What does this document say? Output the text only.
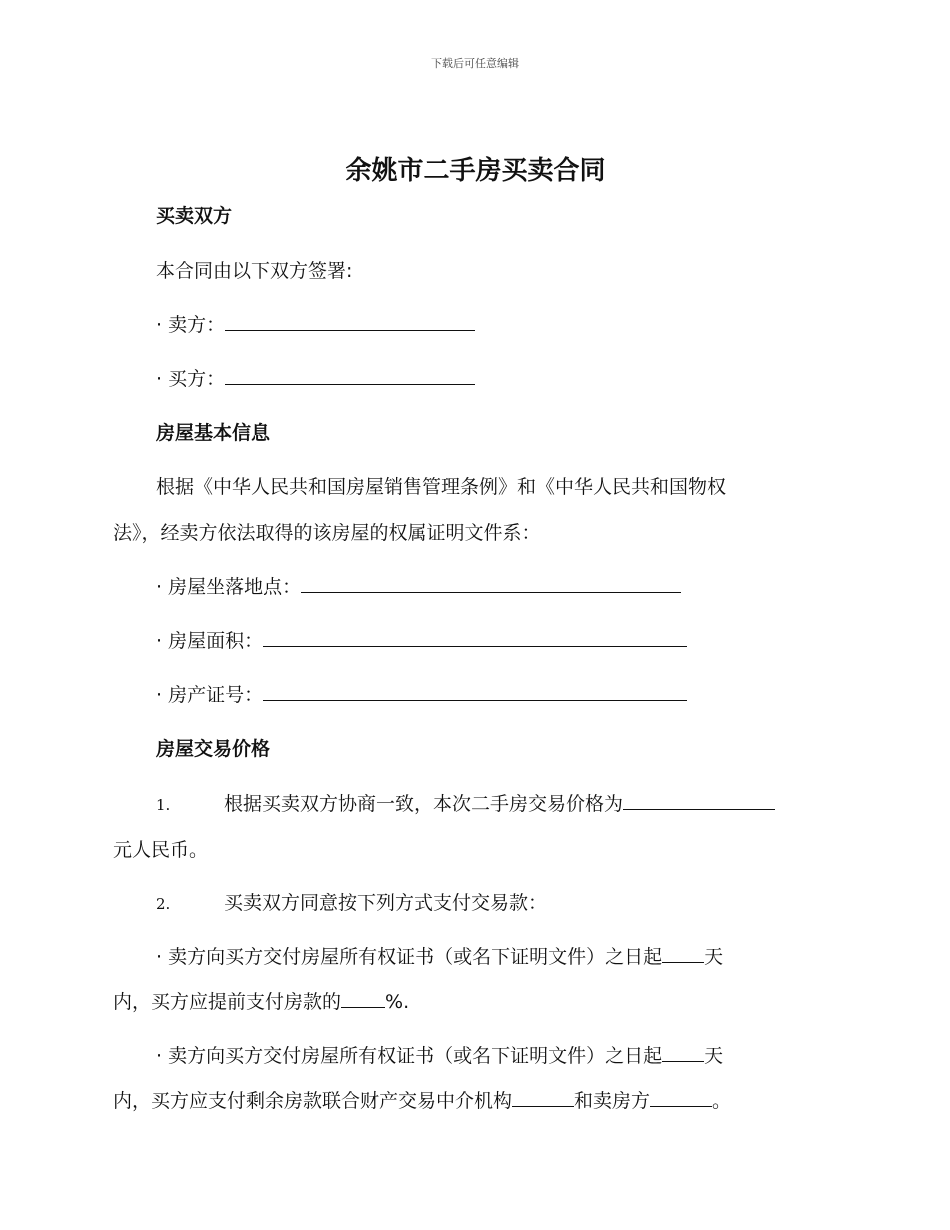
下载后可任意编辑
余姚市二手房买卖合同
买卖双方
本合同由以下双方签署:
· 卖方：
· 买方：
房屋基本信息
根据《中华人民共和国房屋销售管理条例》和《中华人民共和国物权
法》，经卖方依法取得的该房屋的权属证明文件系：
· 房屋坐落地点：
· 房屋面积：
· 房产证号：
房屋交易价格
1.	根据买卖双方协商一致，本次二手房交易价格为
元人民币。
2.	买卖双方同意按下列方式支付交易款：
· 卖方向买方交付房屋所有权证书（或名下证明文件）之日起 天
内，买方应提前支付房款的 %.
· 卖方向买方交付房屋所有权证书（或名下证明文件）之日起 天
内，买方应支付剩余房款联合财产交易中介机构	和卖房方	。
